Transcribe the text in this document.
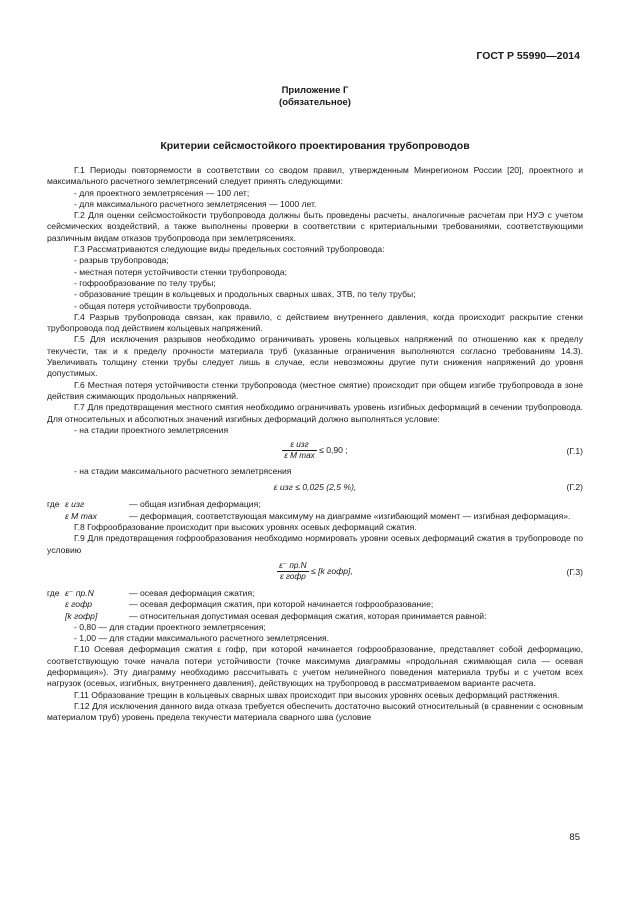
ГОСТ Р 55990—2014
Приложение Г
(обязательное)
Критерии сейсмостойкого проектирования трубопроводов

Г.1 Периоды повторяемости в соответствии со сводом правил, утвержденным Минрегионом России [20], проектного и максимального расчетного землетрясений следует принять следующими:

- для проектного землетрясения — 100 лет;

- для максимального расчетного землетрясения — 1000 лет.

Г.2 Для оценки сейсмостойкости трубопровода должны быть проведены расчеты, аналогичные расчетам при НУЭ с учетом сейсмических воздействий, а также выполнены проверки в соответствии с критериальными требованиями, соответствующими различным видам отказов трубопровода при землетрясениях.

Г.3 Рассматриваются следующие виды предельных состояний трубопровода:

- разрыв трубопровода;

- местная потеря устойчивости стенки трубопровода;

- гофрообразование по телу трубы;

- образование трещин в кольцевых и продольных сварных швах, ЗТВ, по телу трубы;

- общая потеря устойчивости трубопровода.

Г.4 Разрыв трубопровода связан, как правило, с действием внутреннего давления, когда происходит раскрытие стенки трубопровода под действием кольцевых напряжений.

Г.5 Для исключения разрывов необходимо ограничивать уровень кольцевых напряжений по отношению как к пределу текучести, так и к пределу прочности материала труб (указанные ограничения выполняются согласно требованиям 14.3). Увеличивать толщину стенки трубы следует лишь в случае, если невозможны другие пути снижения напряжений до уровня допустимых.

Г.6 Местная потеря устойчивости стенки трубопровода (местное смятие) происходит при общем изгибе трубопровода в зоне действия сжимающих продольных напряжений.

Г.7 Для предотвращения местного смятия необходимо ограничивать уровень изгибных деформаций в сечении трубопровода. Для относительных и абсолютных значений изгибных деформаций должно выполняться условие:

- на стадии проектного землетрясения

$\frac{\text{ε изг}}{\text{ε M max}} \le 0,90$ ;	(Г.1)

- на стадии максимального расчетного землетрясения

ε изг ≤ 0,025 (2,5 %),	(Г.2)
где ε изг	— общая изгибная деформация;
ε M max	— деформация, соответствующая максимуму на диаграмме «изгибающий момент — изгибная деформация».

Г.8 Гофрообразование происходит при высоких уровнях осевых деформаций сжатия.

Г.9 Для предотвращения гофрообразования необходимо нормировать уровни осевых деформаций сжатия в трубопроводе по условию

$\frac{\varepsilon^- пр.N}{\text{ε гофр}} \le [k$ гофр],	(Г.3)
где ε⁻ пр.N	— осевая деформация сжатия;
ε гофр	— осевая деформация сжатия, при которой начинается гофрообразование;
[k гофр]	— относительная допустимая осевая деформация сжатия, которая принимается равной:

- 0,80 — для стадии проектного землетрясения;

- 1,00 — для стадии максимального расчетного землетрясения.

Г.10 Осевая деформация сжатия ε гофр, при которой начинается гофрообразование, представляет собой деформацию, соответствующую точке начала потери устойчивости (точке максимума диаграммы «продольная сжимающая сила — осевая деформация»). Эту диаграмму необходимо рассчитывать с учетом нелинейного поведения материала трубы и с учетом всех нагрузок (осевых, изгибных, внутреннего давления), действующих на трубопровод в рассматриваемом варианте расчета.

Г.11 Образование трещин в кольцевых сварных швах происходит при высоких уровнях осевых деформаций растяжения.

Г.12 Для исключения данного вида отказа требуется обеспечить достаточно высокий относительный (в сравнении с основным материалом труб) уровень предела текучести материала сварного шва (условие

85
